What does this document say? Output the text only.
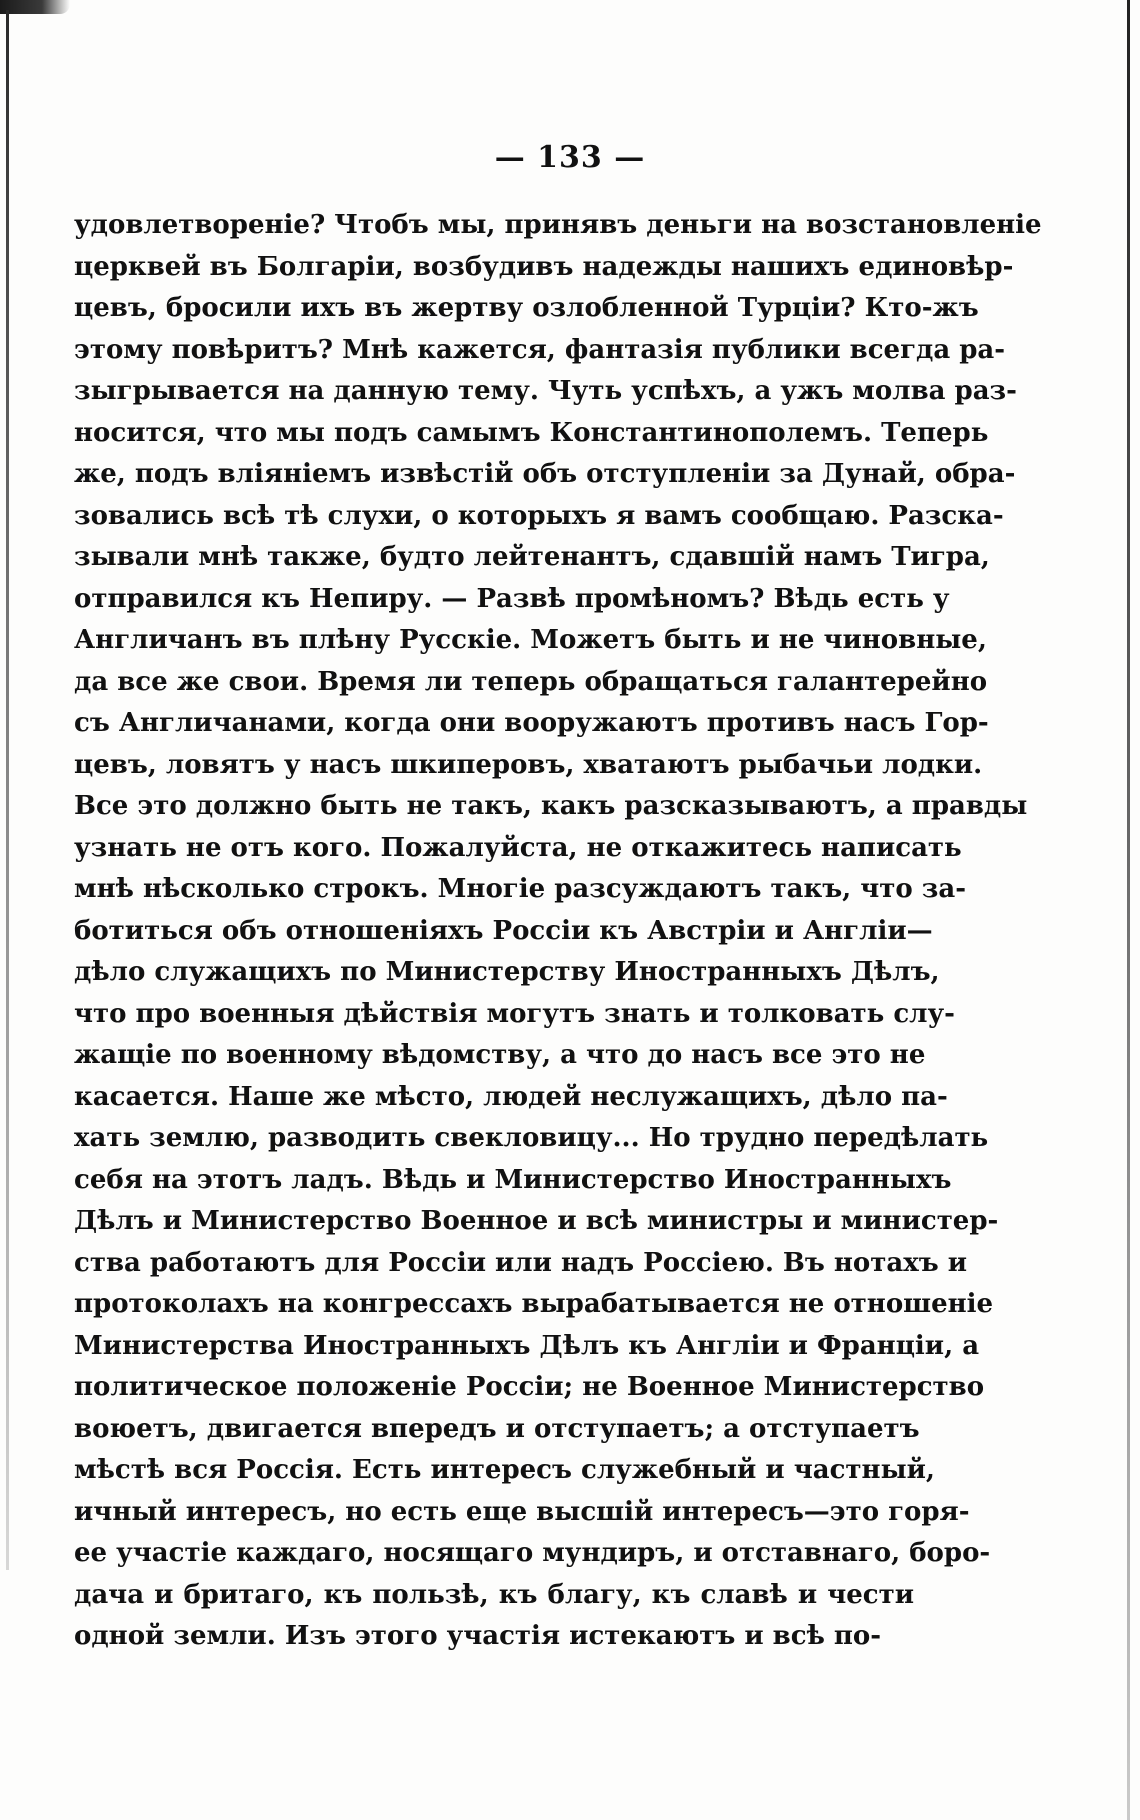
— 133 —
удовлетвореніе? Чтобъ мы, принявъ деньги на возстановленіе
церквей въ Болгаріи, возбудивъ надежды нашихъ единовѣр-
цевъ, бросили ихъ въ жертву озлобленной Турціи? Кто-жъ
этому повѣритъ? Мнѣ кажется, фантазія публики всегда ра-
зыгрывается на данную тему. Чуть успѣхъ, а ужъ молва раз-
носится, что мы подъ самымъ Константинополемъ. Теперь
же, подъ вліяніемъ извѣстій объ отступленіи за Дунай, обра-
зовались всѣ тѣ слухи, о которыхъ я вамъ сообщаю. Разска-
зывали мнѣ также, будто лейтенантъ, сдавшій намъ Тигра,
отправился къ Непиру. — Развѣ промѣномъ? Вѣдь есть у
Англичанъ въ плѣну Русскіе. Можетъ быть и не чиновные,
да все же свои. Время ли теперь обращаться галантерейно
съ Англичанами, когда они вооружаютъ противъ насъ Гор-
цевъ, ловятъ у насъ шкиперовъ, хватаютъ рыбачьи лодки.
Все это должно быть не такъ, какъ разсказываютъ, а правды
узнать не отъ кого. Пожалуйста, не откажитесь написать
мнѣ нѣсколько строкъ. Многіе разсуждаютъ такъ, что за-
ботиться объ отношеніяхъ Россіи къ Австріи и Англіи—
дѣло служащихъ по Министерству Иностранныхъ Дѣлъ,
что про военныя дѣйствія могутъ знать и толковать слу-
жащіе по военному вѣдомству, а что до насъ все это не
касается. Наше же мѣсто, людей неслужащихъ, дѣло па-
хать землю, разводить свекловицу... Но трудно передѣлать
себя на этотъ ладъ. Вѣдь и Министерство Иностранныхъ
Дѣлъ и Министерство Военное и всѣ министры и министер-
ства работаютъ для Россіи или надъ Россіею. Въ нотахъ и
протоколахъ на конгрессахъ вырабатывается не отношеніе
Министерства Иностранныхъ Дѣлъ къ Англіи и Франціи, а
политическое положеніе Россіи; не Военное Министерство
воюетъ, двигается впередъ и отступаетъ; а отступаетъ
мѣстѣ вся Россія. Есть интересъ служебный и частный,
ичный интересъ, но есть еще высшій интересъ—это горя-
ее участіе каждаго, носящаго мундиръ, и отставнаго, боро-
дача и бритаго, къ пользѣ, къ благу, къ славѣ и чести
одной земли. Изъ этого участія истекаютъ и всѣ по-
